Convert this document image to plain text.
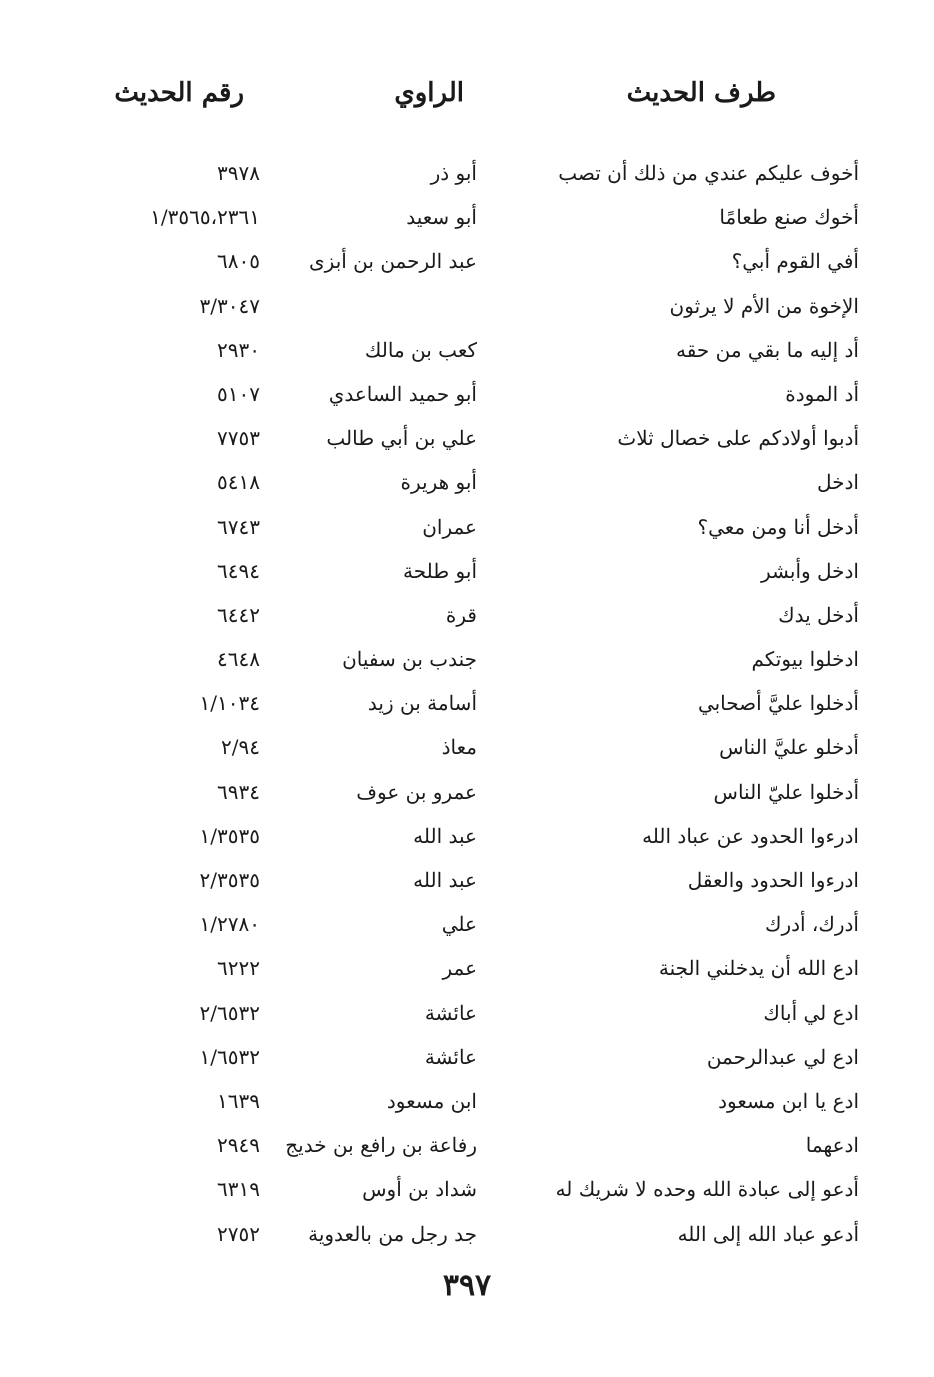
طرف الحديث
الراوي
رقم الحديث
أخوف عليكم عندي من ذلك أن تصب
أبو ذر
٣٩٧٨
أخوك صنع طعامًا
أبو سعيد
١/٣٥٦٥،٢٣٦١
أفي القوم أبي؟
عبد الرحمن بن أبزى
٦٨٠٥
الإخوة من الأم لا يرثون
٣/٣٠٤٧
أد إليه ما بقي من حقه
كعب بن مالك
٢٩٣٠
أد المودة
أبو حميد الساعدي
٥١٠٧
أدبوا أولادكم على خصال ثلاث
علي بن أبي طالب
٧٧٥٣
ادخل
أبو هريرة
٥٤١٨
أدخل أنا ومن معي؟
عمران
٦٧٤٣
ادخل وأبشر
أبو طلحة
٦٤٩٤
أدخل يدك
قرة
٦٤٤٢
ادخلوا بيوتكم
جندب بن سفيان
٤٦٤٨
أدخلوا عليَّ أصحابي
أسامة بن زيد
١/١٠٣٤
أدخلو عليَّ الناس
معاذ
٢/٩٤
أدخلوا عليّ الناس
عمرو بن عوف
٦٩٣٤
ادرءوا الحدود عن عباد الله
عبد الله
١/٣٥٣٥
ادرءوا الحدود والعقل
عبد الله
٢/٣٥٣٥
أدرك، أدرك
علي
١/٢٧٨٠
ادع الله أن يدخلني الجنة
عمر
٦٢٢٢
ادع لي أباك
عائشة
٢/٦٥٣٢
ادع لي عبدالرحمن
عائشة
١/٦٥٣٢
ادع يا ابن مسعود
ابن مسعود
١٦٣٩
ادعهما
رفاعة بن رافع بن خديج
٢٩٤٩
أدعو إلى عبادة الله وحده لا شريك له
شداد بن أوس
٦٣١٩
أدعو عباد الله إلى الله
جد رجل من بالعدوية
٢٧٥٢
٣٩٧
